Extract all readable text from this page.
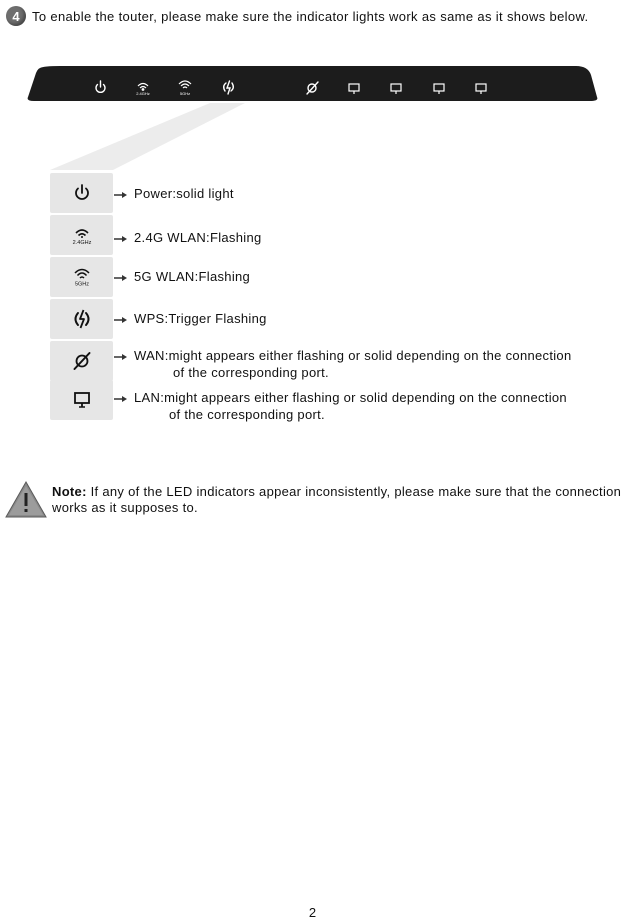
4 To enable the touter, please make sure the indicator lights work as same as it shows below.
2.4GHz	5GHz
2.4GHz
5GHz
Power:solid light
2.4G WLAN:Flashing
5G WLAN:Flashing
WPS:Trigger Flashing
WAN:might appears either flashing or solid depending on the connection
of the corresponding port.
LAN:might appears either flashing or solid depending on the connection
of the corresponding port.
Note: If any of the LED indicators appear inconsistently, please make sure that the connection works as it supposes to.
2
